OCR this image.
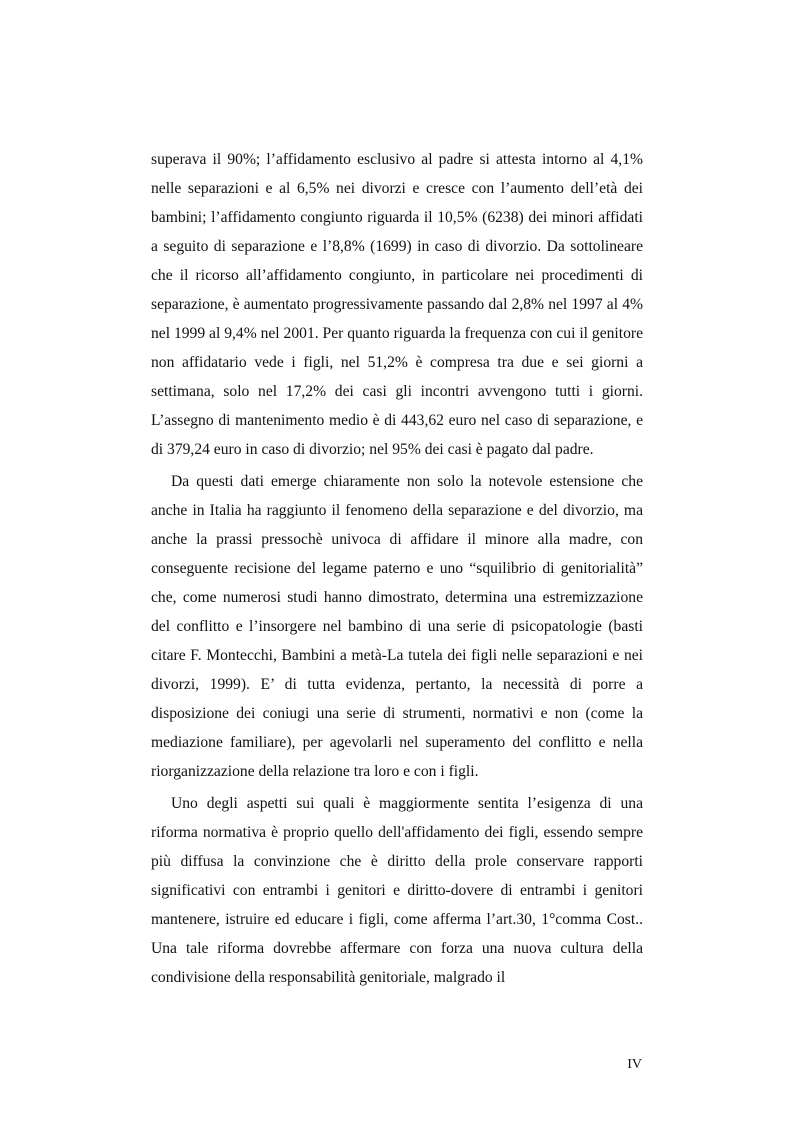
superava il 90%; l’affidamento esclusivo al padre si attesta intorno al 4,1% nelle separazioni e al 6,5% nei divorzi e cresce con l’aumento dell’età dei bambini; l’affidamento congiunto riguarda il 10,5% (6238) dei minori affidati a seguito di separazione e l’8,8% (1699) in caso di divorzio. Da sottolineare che il ricorso all’affidamento congiunto, in particolare nei procedimenti di separazione, è aumentato progressivamente passando dal 2,8% nel 1997 al 4% nel 1999 al 9,4% nel 2001. Per quanto riguarda la frequenza con cui il genitore non affidatario vede i figli, nel 51,2% è compresa tra due e sei giorni a settimana, solo nel 17,2% dei casi gli incontri avvengono tutti i giorni. L’assegno di mantenimento medio è di 443,62 euro nel caso di separazione, e di 379,24 euro in caso di divorzio; nel 95% dei casi è pagato dal padre.

Da questi dati emerge chiaramente non solo la notevole estensione che anche in Italia ha raggiunto il fenomeno della separazione e del divorzio, ma anche la prassi pressochè univoca di affidare il minore alla madre, con conseguente recisione del legame paterno e uno “squilibrio di genitorialità” che, come numerosi studi hanno dimostrato, determina una estremizzazione del conflitto e l’insorgere nel bambino di una serie di psicopatologie (basti citare F. Montecchi, Bambini a metà-La tutela dei figli nelle separazioni e nei divorzi, 1999). E’ di tutta evidenza, pertanto, la necessità di porre a disposizione dei coniugi una serie di strumenti, normativi e non (come la mediazione familiare), per agevolarli nel superamento del conflitto e nella riorganizzazione della relazione tra loro e con i figli.

Uno degli aspetti sui quali è maggiormente sentita l’esigenza di una riforma normativa è proprio quello dell'affidamento dei figli, essendo sempre più diffusa la convinzione che è diritto della prole conservare rapporti significativi con entrambi i genitori e diritto-dovere di entrambi i genitori mantenere, istruire ed educare i figli, come afferma l’art.30, 1°comma Cost.. Una tale riforma dovrebbe affermare con forza una nuova cultura della condivisione della responsabilità genitoriale, malgrado il

IV
